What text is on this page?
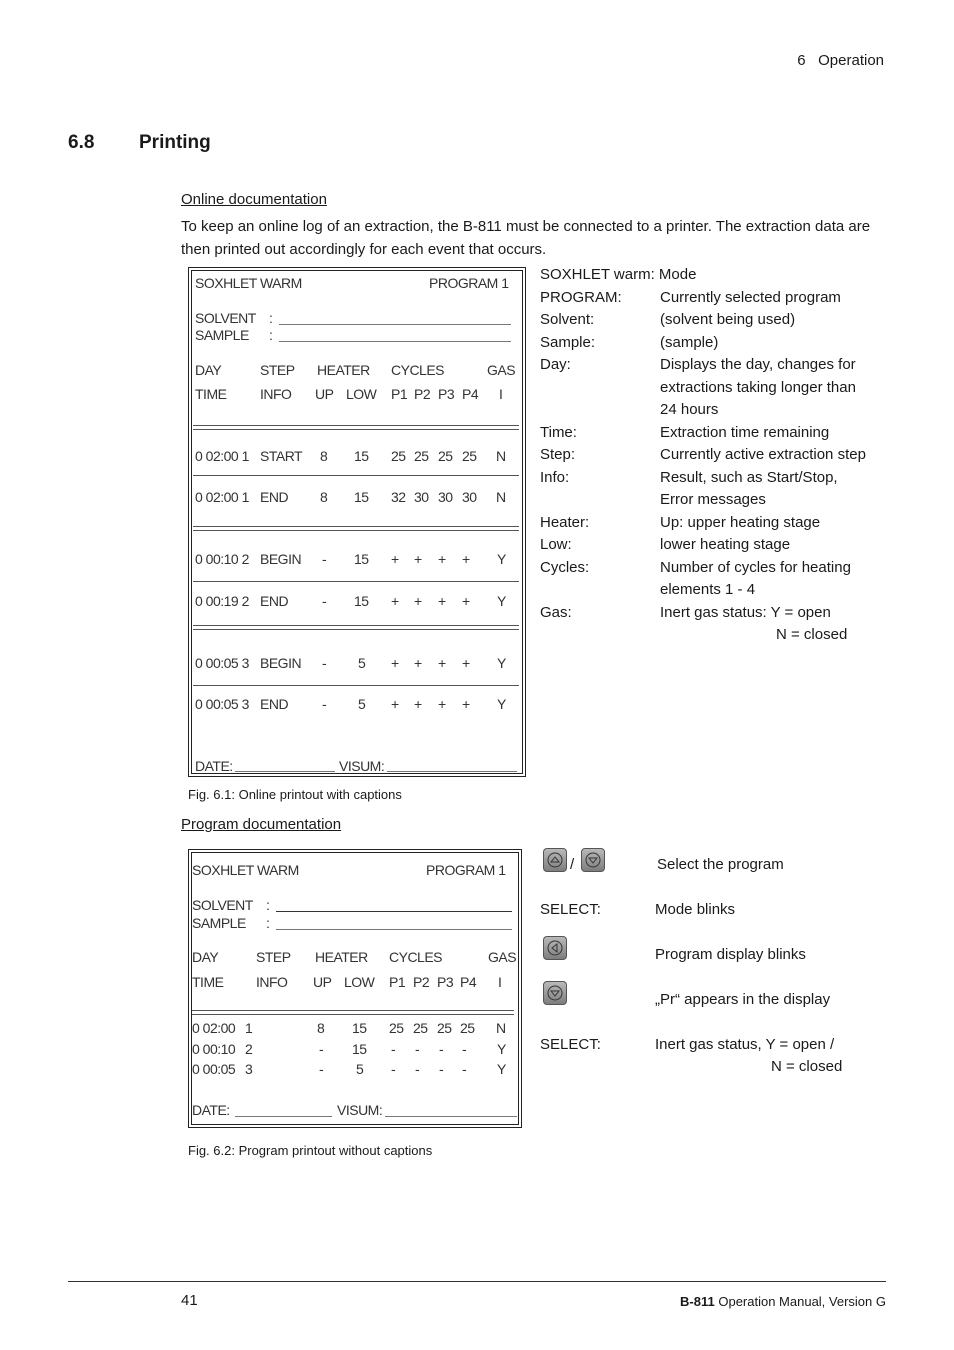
6 Operation
6.8 Printing
Online documentation
To keep an online log of an extraction, the B-811 must be connected to a printer. The extraction data are then printed out accordingly for each event that occurs.
SOXHLET WARM	PROGRAM 1
SOLVENT :
SAMPLE :
DAY	STEP HEATER CYCLES	GAS
TIME INFO UP LOW P1 P2 P3 P4 I
0 02:00 1 START 8 15 25 25 25 25 N
0 02:00 1 END 8 15 32 30 30 30 N
0 00:10 2 BEGIN - 15 + + + + Y
0 00:19 2 END - 15 + + + + Y
0 00:05 3 BEGIN - 5 + + + + Y
0 00:05 3 END - 5 + + + + Y
DATE:	VISUM:
Fig. 6.1: Online printout with captions
SOXHLET warm: Mode
PROGRAM:	Currently selected program
Solvent:	(solvent being used)
Sample:	(sample)
Day:	Displays the day, changes for
extractions taking longer than
24 hours
Time:	Extraction time remaining
Step:	Currently active extraction step
Info:	Result, such as Start/Stop,
Error messages
Heater:	Up: upper heating stage
Low:	lower heating stage
Cycles:	Number of cycles for heating
elements 1 - 4
Gas:	Inert gas status: Y = open
N = closed
Program documentation
SOXHLET WARM	PROGRAM 1
SOLVENT :
SAMPLE :
DAY	STEP HEATER CYCLES	GAS
TIME INFO UP LOW P1 P2 P3 P4 I
0 02:00 1	8 15 25 25 25 25 N
0 00:10 2	- 15 - - - - Y
0 00:05 3	- 5 - - - - Y
DATE:	VISUM:
Fig. 6.2: Program printout without captions
/	Select the program
SELECT:	Mode blinks
Program display blinks
„Pr“ appears in the display
SELECT:	Inert gas status, Y = open /
N = closed
41	B-811 Operation Manual, Version G
